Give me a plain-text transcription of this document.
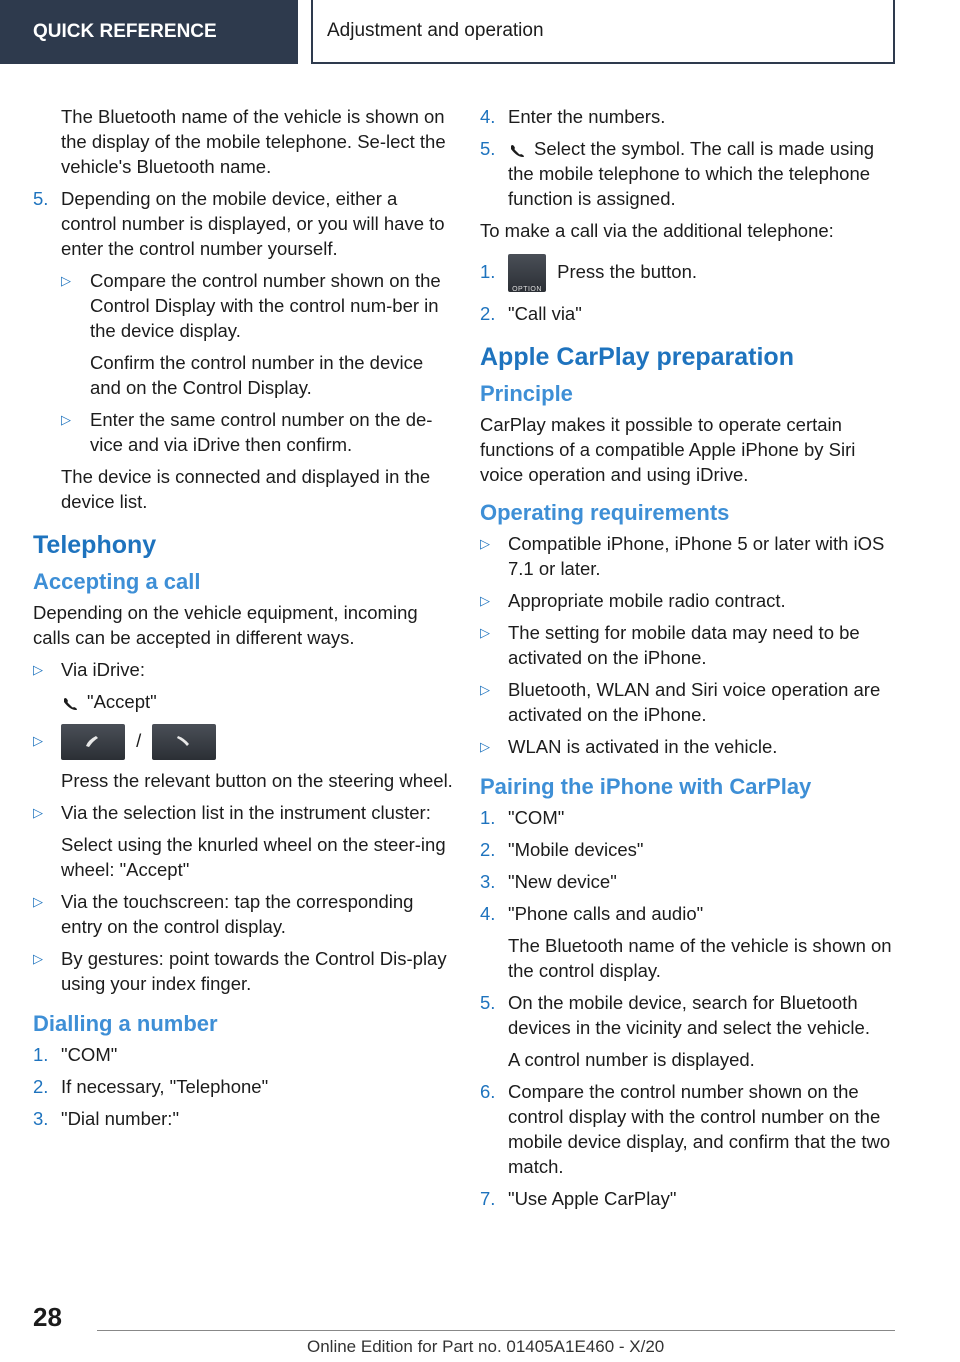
QUICK REFERENCE	Adjustment and operation

The Bluetooth name of the vehicle is shown on the display of the mobile telephone. Se‐lect the vehicle's Bluetooth name.

5. Depending on the mobile device, either a control number is displayed, or you will have to enter the control number yourself.
▷ Compare the control number shown on the Control Display with the control num‐ber in the device display.

Confirm the control number in the device and on the Control Display.

▷ Enter the same control number on the de‐vice and via iDrive then confirm.

The device is connected and displayed in the device list.

Telephony
Accepting a call

Depending on the vehicle equipment, incoming calls can be accepted in different ways.

▷ Via iDrive:

"Accept"

▷	/

Press the relevant button on the steering wheel.

▷ Via the selection list in the instrument cluster:

Select using the knurled wheel on the steer‐ing wheel: "Accept"

▷ Via the touchscreen: tap the corresponding entry on the control display.
▷ By gestures: point towards the Control Dis‐play using your index finger.
Dialling a number
1. "COM"
2. If necessary, "Telephone"
3. "Dial number:"
4. Enter the numbers.
5. Select the symbol. The call is made using the mobile telephone to which the telephone function is assigned.

To make a call via the additional telephone:

1.
OPTION
Press the button.
2. "Call via"
Apple CarPlay preparation
Principle

CarPlay makes it possible to operate certain functions of a compatible Apple iPhone by Siri voice operation and using iDrive.

Operating requirements
▷ Compatible iPhone, iPhone 5 or later with iOS 7.1 or later.
▷ Appropriate mobile radio contract.
▷ The setting for mobile data may need to be activated on the iPhone.
▷ Bluetooth, WLAN and Siri voice operation are activated on the iPhone.
▷ WLAN is activated in the vehicle.
Pairing the iPhone with CarPlay
1. "COM"
2. "Mobile devices"
3. "New device"
4. "Phone calls and audio"

The Bluetooth name of the vehicle is shown on the control display.

5. On the mobile device, search for Bluetooth devices in the vicinity and select the vehicle.

A control number is displayed.

6. Compare the control number shown on the control display with the control number on the mobile device display, and confirm that the two match.
7. "Use Apple CarPlay"
28
Online Edition for Part no. 01405A1E460 - X/20
